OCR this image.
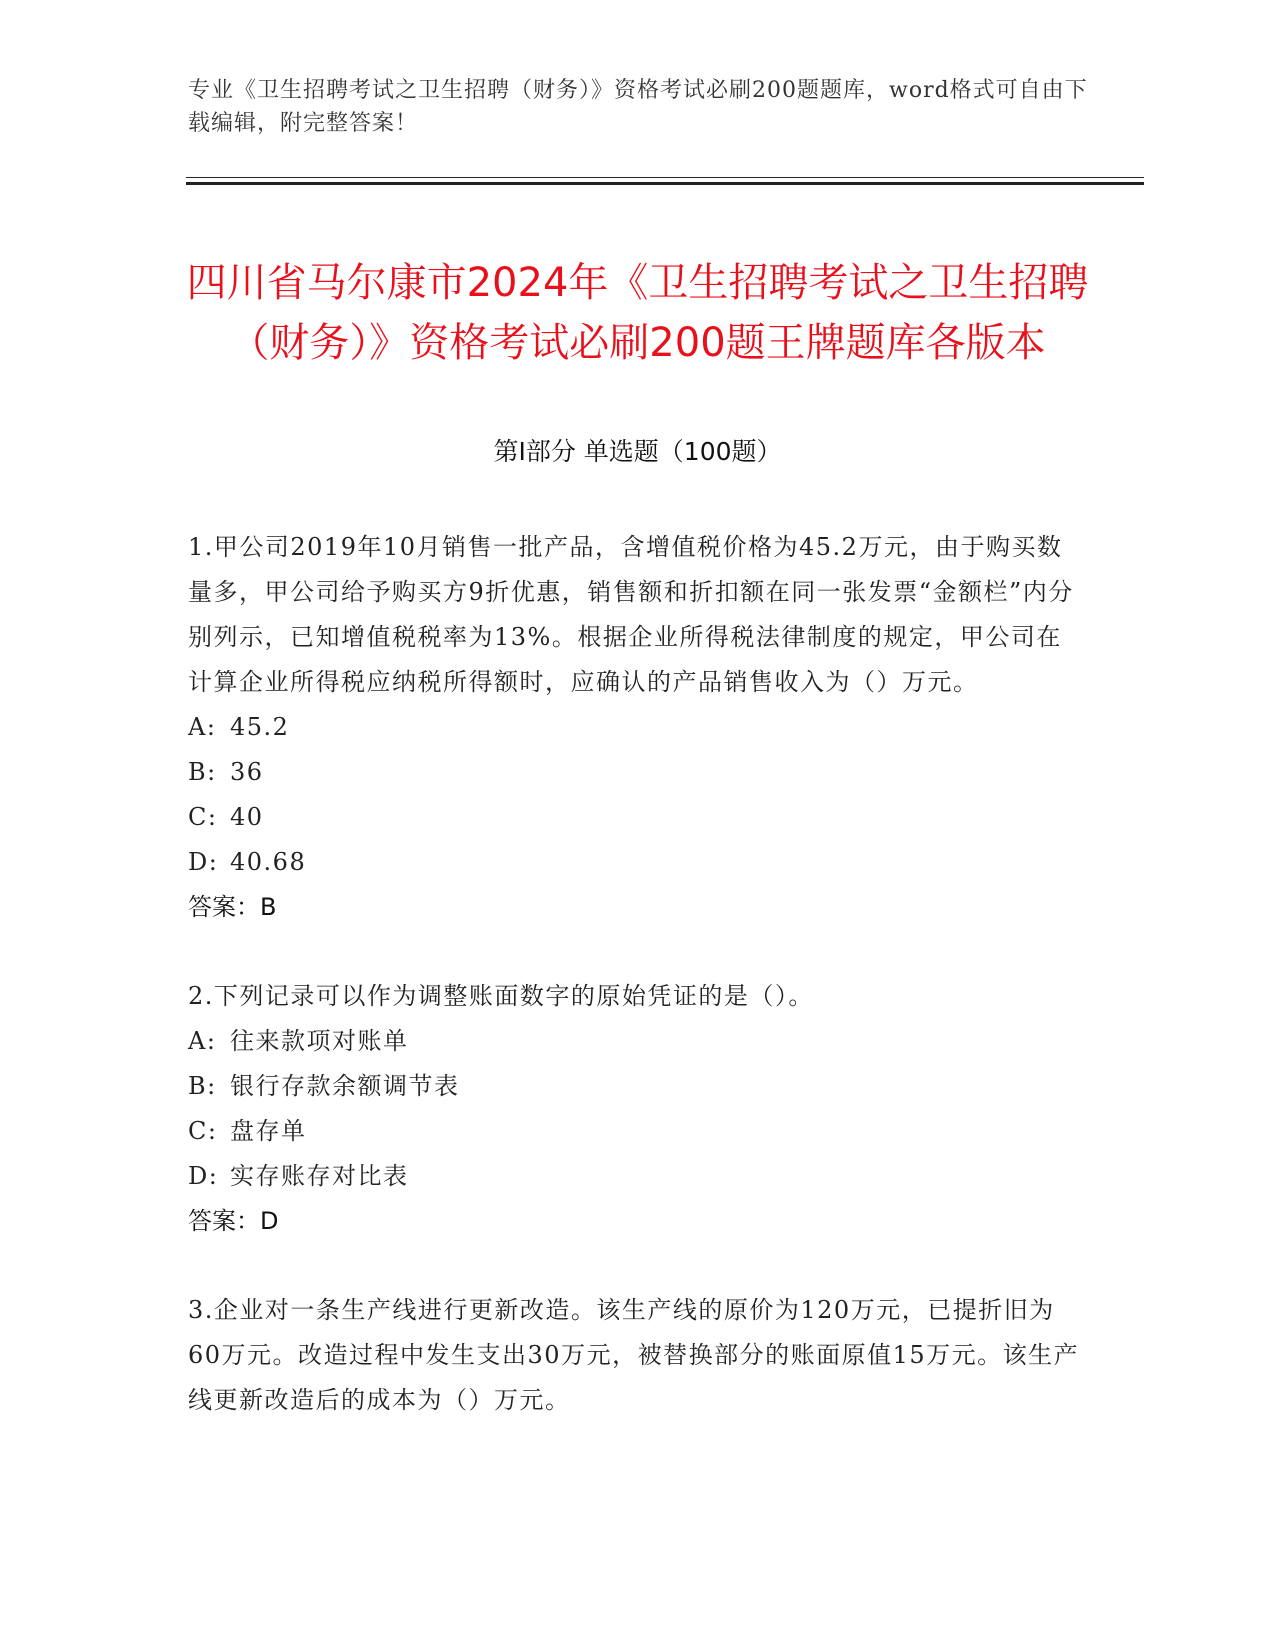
专业《卫生招聘考试之卫生招聘（财务）》资格考试必刷200题题库，word格式可自由下载编辑，附完整答案！
四川省马尔康市2024年《卫生招聘考试之卫生招聘（财务）》资格考试必刷200题王牌题库各版本
第I部分 单选题（100题）

1.甲公司2019年10月销售一批产品，含增值税价格为45.2万元，由于购买数量多，甲公司给予购买方9折优惠，销售额和折扣额在同一张发票“金额栏”内分别列示，已知增值税税率为13%。根据企业所得税法律制度的规定，甲公司在计算企业所得税应纳税所得额时，应确认的产品销售收入为（）万元。

A: 45.2
B: 36
C: 40
D: 40.68
答案：B

2.下列记录可以作为调整账面数字的原始凭证的是（）。

A: 往来款项对账单
B: 银行存款余额调节表
C: 盘存单
D: 实存账存对比表
答案：D

3.企业对一条生产线进行更新改造。该生产线的原价为120万元，已提折旧为60万元。改造过程中发生支出30万元，被替换部分的账面原值15万元。该生产线更新改造后的成本为（）万元。
